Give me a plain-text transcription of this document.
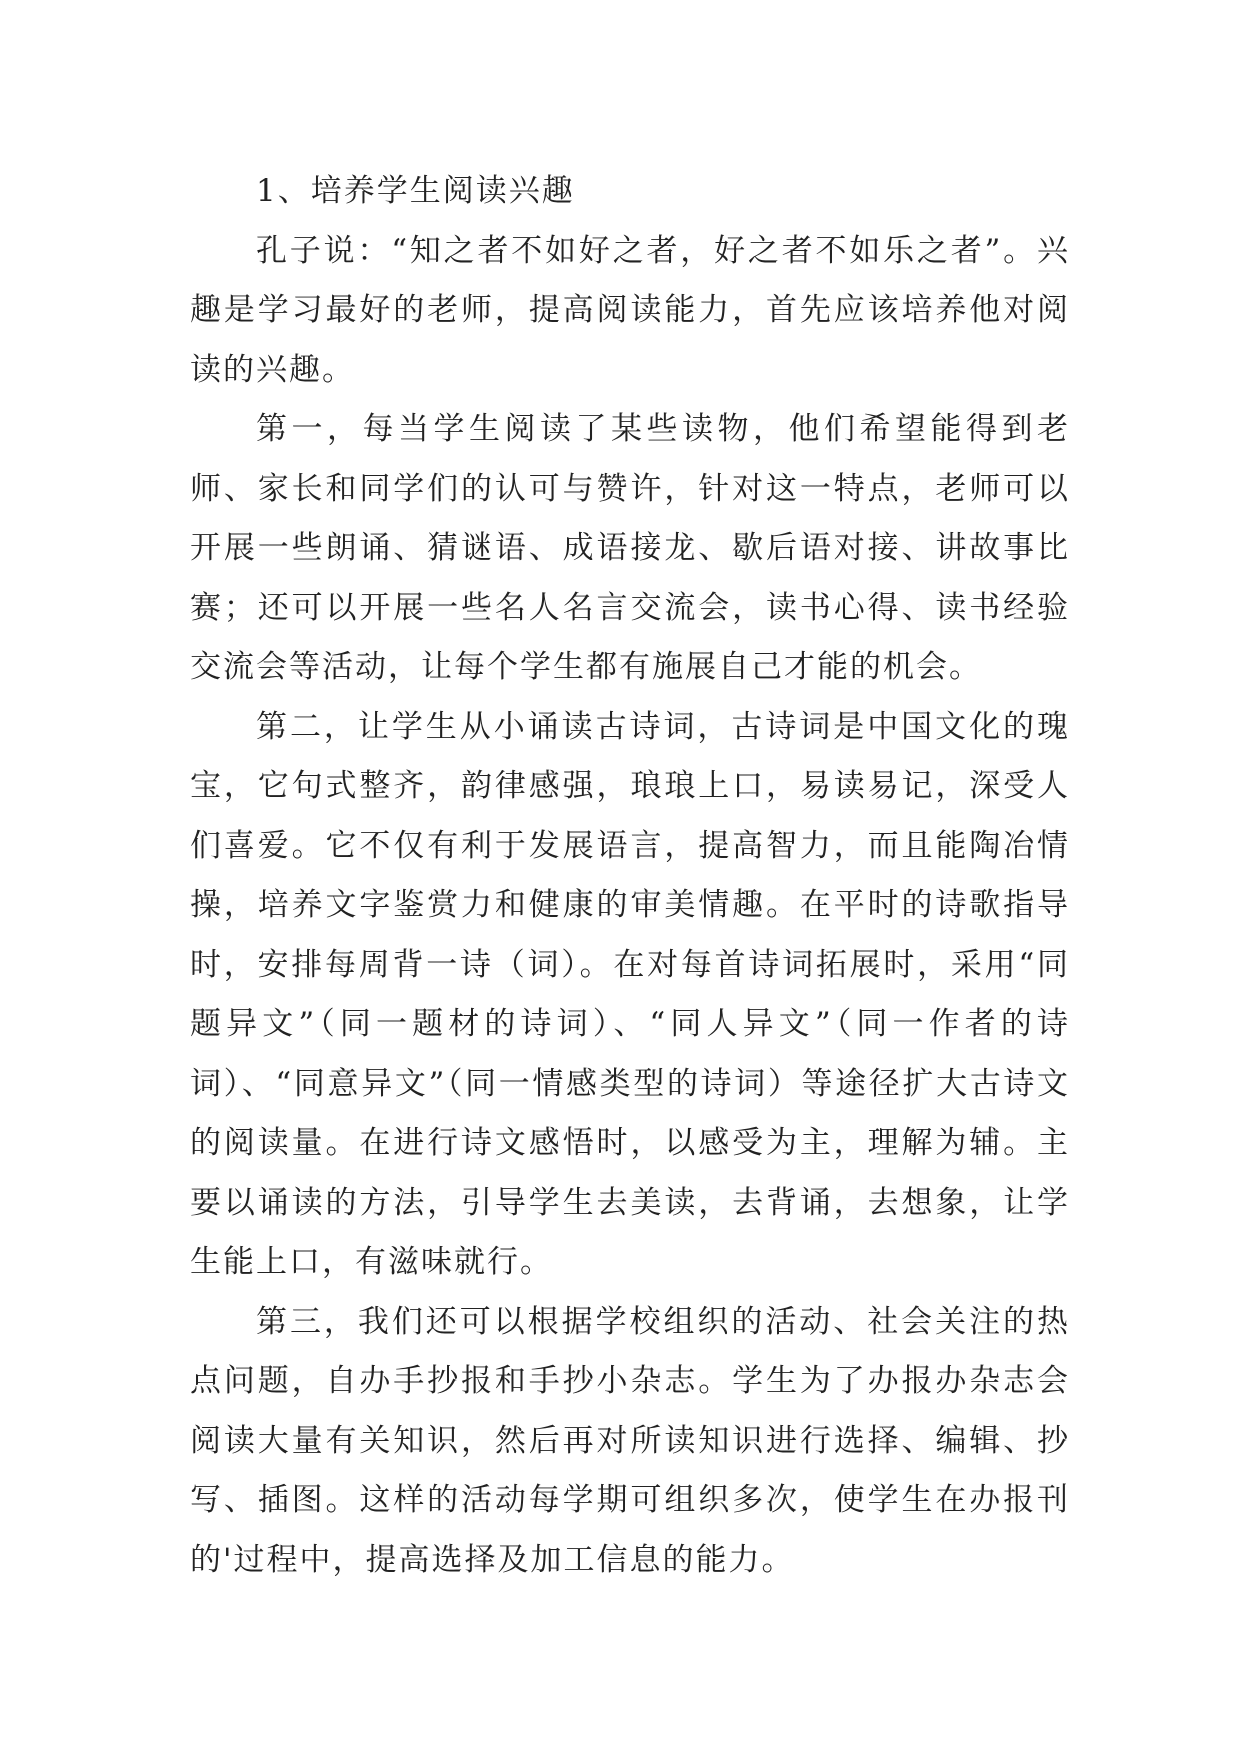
1、培养学生阅读兴趣

孔子说：“知之者不如好之者，好之者不如乐之者”。兴趣是学习最好的老师，提高阅读能力，首先应该培养他对阅读的兴趣。

第一，每当学生阅读了某些读物，他们希望能得到老师、家长和同学们的认可与赞许，针对这一特点，老师可以开展一些朗诵、猜谜语、成语接龙、歇后语对接、讲故事比赛；还可以开展一些名人名言交流会，读书心得、读书经验交流会等活动，让每个学生都有施展自己才能的机会。

第二，让学生从小诵读古诗词，古诗词是中国文化的瑰宝，它句式整齐，韵律感强，琅琅上口，易读易记，深受人们喜爱。它不仅有利于发展语言，提高智力，而且能陶冶情操，培养文字鉴赏力和健康的审美情趣。在平时的诗歌指导时，安排每周背一诗（词）。在对每首诗词拓展时，采用“同题异文”（同一题材的诗词）、“同人异文”（同一作者的诗词）、“同意异文”（同一情感类型的诗词）等途径扩大古诗文的阅读量。在进行诗文感悟时，以感受为主，理解为辅。主要以诵读的方法，引导学生去美读，去背诵，去想象，让学生能上口，有滋味就行。

第三，我们还可以根据学校组织的活动、社会关注的热点问题，自办手抄报和手抄小杂志。学生为了办报办杂志会阅读大量有关知识，然后再对所读知识进行选择、编辑、抄写、插图。这样的活动每学期可组织多次，使学生在办报刊的'过程中，提高选择及加工信息的能力。
